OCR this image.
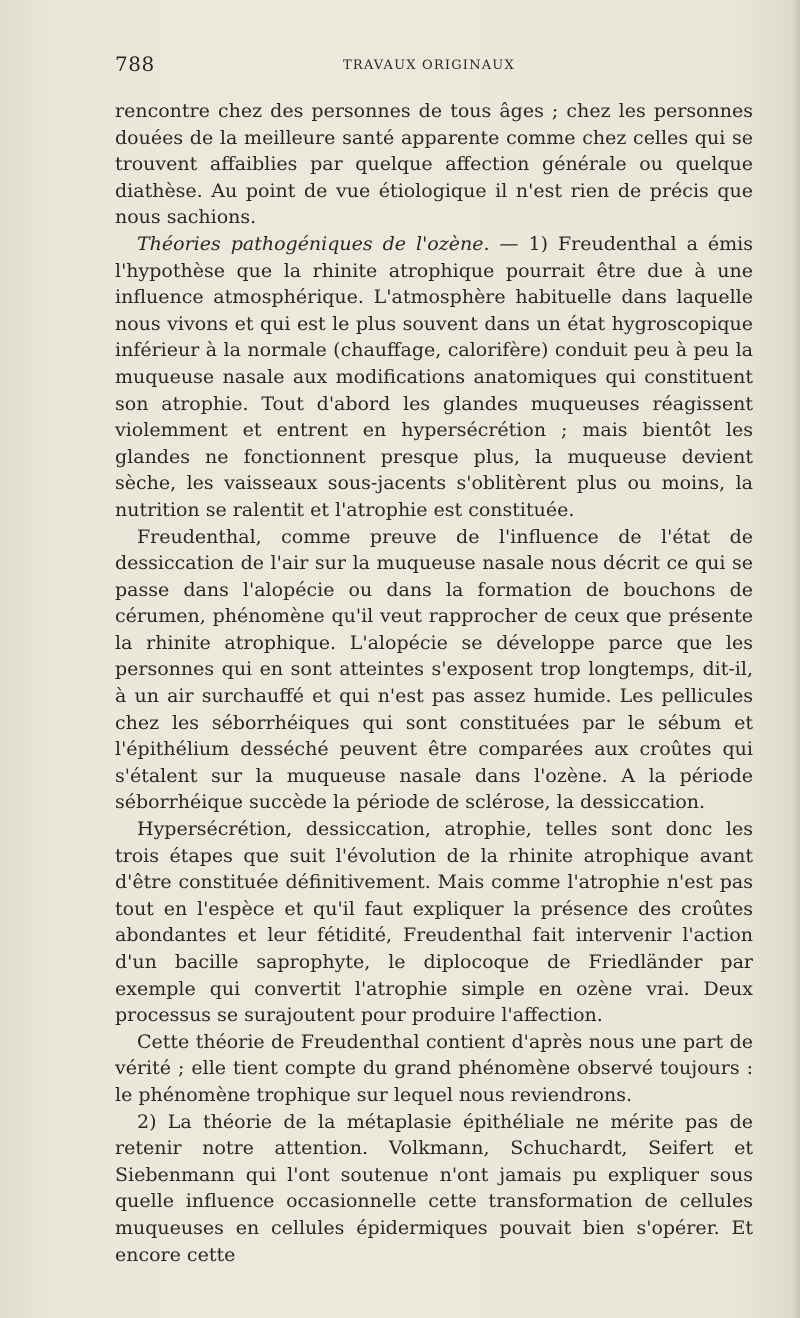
788	TRAVAUX ORIGINAUX

rencontre chez des personnes de tous âges ; chez les personnes douées de la meilleure santé apparente comme chez celles qui se trouvent affaiblies par quelque affection générale ou quelque diathèse. Au point de vue étiologique il n'est rien de précis que nous sachions.

Théories pathogéniques de l'ozène. — 1) Freudenthal a émis l'hypothèse que la rhinite atrophique pourrait être due à une influence atmosphérique. L'atmosphère habituelle dans laquelle nous vivons et qui est le plus souvent dans un état hygroscopique inférieur à la normale (chauffage, calorifère) conduit peu à peu la muqueuse nasale aux modifications anatomiques qui constituent son atrophie. Tout d'abord les glandes muqueuses réagissent violemment et entrent en hypersécrétion ; mais bientôt les glandes ne fonctionnent presque plus, la muqueuse devient sèche, les vaisseaux sous-jacents s'oblitèrent plus ou moins, la nutrition se ralentit et l'atrophie est constituée.

Freudenthal, comme preuve de l'influence de l'état de dessiccation de l'air sur la muqueuse nasale nous décrit ce qui se passe dans l'alopécie ou dans la formation de bouchons de cérumen, phénomène qu'il veut rapprocher de ceux que présente la rhinite atrophique. L'alopécie se développe parce que les personnes qui en sont atteintes s'exposent trop longtemps, dit-il, à un air surchauffé et qui n'est pas assez humide. Les pellicules chez les séborrhéiques qui sont constituées par le sébum et l'épithélium desséché peuvent être comparées aux croûtes qui s'étalent sur la muqueuse nasale dans l'ozène. A la période séborrhéique succède la période de sclérose, la dessiccation.

Hypersécrétion, dessiccation, atrophie, telles sont donc les trois étapes que suit l'évolution de la rhinite atrophique avant d'être constituée définitivement. Mais comme l'atrophie n'est pas tout en l'espèce et qu'il faut expliquer la présence des croûtes abondantes et leur fétidité, Freudenthal fait intervenir l'action d'un bacille saprophyte, le diplocoque de Friedländer par exemple qui convertit l'atrophie simple en ozène vrai. Deux processus se surajoutent pour produire l'affection.

Cette théorie de Freudenthal contient d'après nous une part de vérité ; elle tient compte du grand phénomène observé toujours : le phénomène trophique sur lequel nous reviendrons.

2) La théorie de la métaplasie épithéliale ne mérite pas de retenir notre attention. Volkmann, Schuchardt, Seifert et Siebenmann qui l'ont soutenue n'ont jamais pu expliquer sous quelle influence occasionnelle cette transformation de cellules muqueuses en cellules épidermiques pouvait bien s'opérer. Et encore cette
